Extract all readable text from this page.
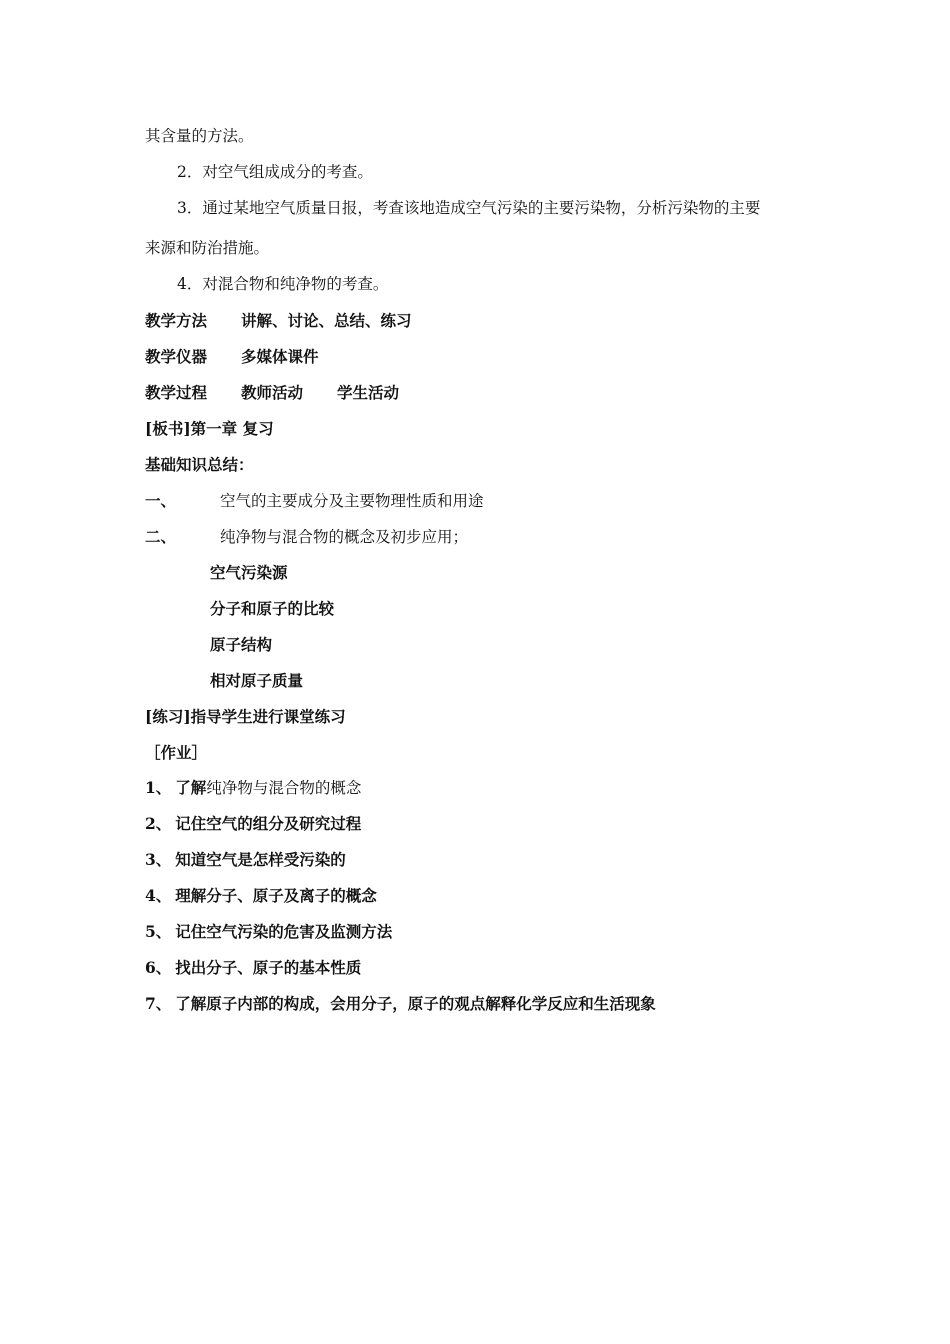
其含量的方法。
2．对空气组成成分的考查。
3．通过某地空气质量日报，考查该地造成空气污染的主要污染物，分析污染物的主要
来源和防治措施。
4．对混合物和纯净物的考查。
教学方法 讲解、讨论、总结、练习
教学仪器 多媒体课件
教学过程 教师活动 学生活动
[板书]第一章 复习
基础知识总结：
一、	空气的主要成分及主要物理性质和用途
二、	纯净物与混合物的概念及初步应用；
空气污染源
分子和原子的比较
原子结构
相对原子质量
[练习]指导学生进行课堂练习
［作业］
1、 了解纯净物与混合物的概念
2、 记住空气的组分及研究过程
3、 知道空气是怎样受污染的
4、 理解分子、原子及离子的概念
5、 记住空气污染的危害及监测方法
6、 找出分子、原子的基本性质
7、 了解原子内部的构成，会用分子，原子的观点解释化学反应和生活现象
